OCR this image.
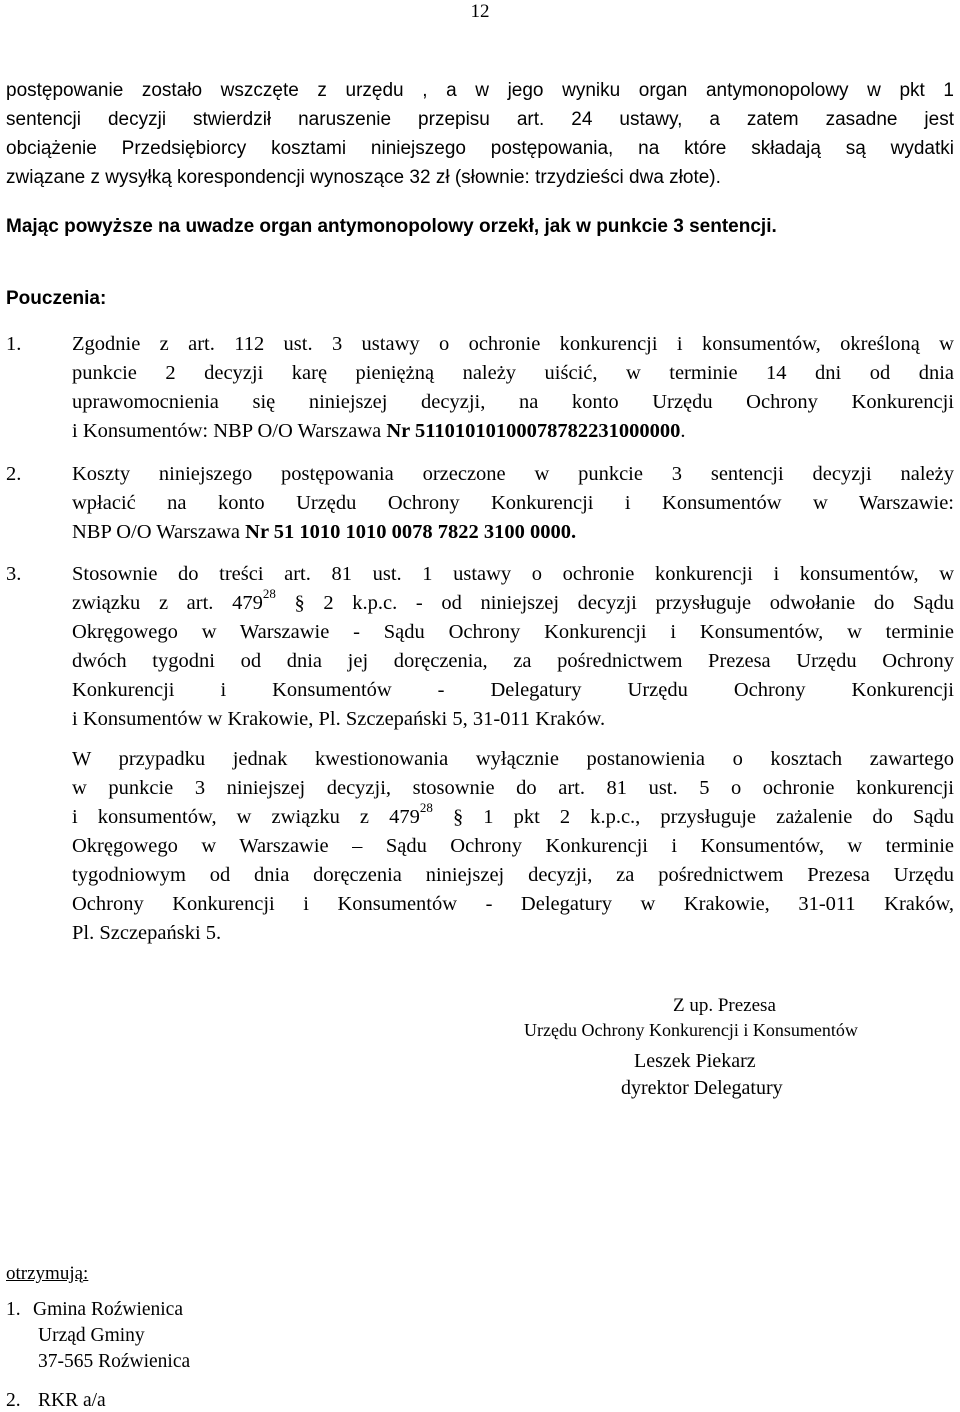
12
postępowanie zostało wszczęte z urzędu , a w jego wyniku organ antymonopolowy w pkt 1
sentencji decyzji stwierdził naruszenie przepisu art. 24 ustawy, a zatem zasadne jest
obciążenie Przedsiębiorcy kosztami niniejszego postępowania, na które składają są wydatki
związane z wysyłką korespondencji wynoszące 32 zł (słownie: trzydzieści dwa złote).
Mając powyższe na uwadze organ antymonopolowy orzekł, jak w punkcie 3 sentencji.
Pouczenia:
1. Zgodnie z art. 112 ust. 3 ustawy o ochronie konkurencji i konsumentów, określoną w
punkcie 2 decyzji karę pieniężną należy uiścić, w terminie 14 dni od dnia
uprawomocnienia się niniejszej decyzji, na konto Urzędu Ochrony Konkurencji
i Konsumentów: NBP O/O Warszawa Nr 51101010100078782231000000.
2. Koszty niniejszego postępowania orzeczone w punkcie 3 sentencji decyzji należy
wpłacić na konto Urzędu Ochrony Konkurencji i Konsumentów w Warszawie:
NBP O/O Warszawa Nr 51 1010 1010 0078 7822 3100 0000.
3. Stosownie do treści art. 81 ust. 1 ustawy o ochronie konkurencji i konsumentów, w
związku z art. $479^{28}$ § 2 k.p.c. - od niniejszej decyzji przysługuje odwołanie do Sądu
Okręgowego w Warszawie - Sądu Ochrony Konkurencji i Konsumentów, w terminie
dwóch tygodni od dnia jej doręczenia, za pośrednictwem Prezesa Urzędu Ochrony
Konkurencji i Konsumentów - Delegatury Urzędu Ochrony Konkurencji
i Konsumentów w Krakowie, Pl. Szczepański 5, 31-011 Kraków.
W przypadku jednak kwestionowania wyłącznie postanowienia o kosztach zawartego
w punkcie 3 niniejszej decyzji, stosownie do art. 81 ust. 5 o ochronie konkurencji
i konsumentów, w związku z $479^{28}$ § 1 pkt 2 k.p.c., przysługuje zażalenie do Sądu
Okręgowego w Warszawie – Sądu Ochrony Konkurencji i Konsumentów, w terminie
tygodniowym od dnia doręczenia niniejszej decyzji, za pośrednictwem Prezesa Urzędu
Ochrony Konkurencji i Konsumentów - Delegatury w Krakowie, 31-011 Kraków,
Pl. Szczepański 5.
Z up. Prezesa
Urzędu Ochrony Konkurencji i Konsumentów
Leszek Piekarz
dyrektor Delegatury
otrzymują:
1. Gmina Roźwienica
Urząd Gminy
37-565 Roźwienica
2. RKR a/a
